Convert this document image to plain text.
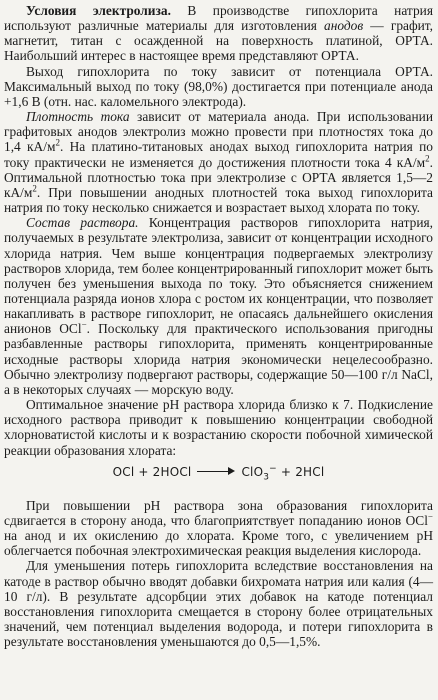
Условия электролиза. В производстве гипохлорита натрия используют различные материалы для изготовления анодов — графит, магнетит, титан с осажденной на поверхность платиной, ОРТА. Наибольший интерес в настоящее время представляют ОРТА.

Выход гипохлорита по току зависит от потенциала ОРТА. Максимальный выход по току (98,0%) достигается при потенциале анода +1,6 В (отн. нас. каломельного электрода).

Плотность тока зависит от материала анода. При использовании графитовых анодов электролиз можно провести при плотностях тока до 1,4 $кА/м^2$. На платино-титановых анодах выход гипохлорита натрия по току практически не изменяется до достижения плотности тока 4 $кА/м^2$. Оптимальной плотностью тока при электролизе с ОРТА является 1,5—2 $кА/м^2$. При повышении анодных плотностей тока выход гипохлорита натрия по току несколько снижается и возрастает выход хлората по току.

Состав раствора. Концентрация растворов гипохлорита натрия, получаемых в результате электролиза, зависит от концентрации исходного хлорида натрия. Чем выше концентрация подвергаемых электролизу растворов хлорида, тем более концентрированный гипохлорит может быть получен без уменьшения выхода по току. Это объясняется снижением потенциала разряда ионов хлора с ростом их концентрации, что позволяет накапливать в растворе гипохлорит, не опасаясь дальнейшего окисления анионов OCl−. Поскольку для практического использования пригодны разбавленные растворы гипохлорита, применять концентрированные исходные растворы хлорида натрия экономически нецелесообразно. Обычно электролизу подвергают растворы, содержащие 50—100 г/л NaCl, а в некоторых случаях — морскую воду.

Оптимальное значение pH раствора хлорида близко к 7. Подкисление исходного раствора приводит к повышению концентрации свободной хлорноватистой кислоты и к возрастанию скорости побочной химической реакции образования хлората:

OCl + 2HOCl	ClO$_3$− + 2HCl

При повышении pH раствора зона образования гипохлорита сдвигается в сторону анода, что благоприятствует попаданию ионов OCl− на анод и их окислению до хлората. Кроме того, с увеличением pH облегчается побочная электрохимическая реакция выделения кислорода.

Для уменьшения потерь гипохлорита вследствие восстановления на катоде в раствор обычно вводят добавки бихромата натрия или калия (4—10 г/л). В результате адсорбции этих добавок на катоде потенциал восстановления гипохлорита смещается в сторону более отрицательных значений, чем потенциал выделения водорода, и потери гипохлорита в результате восстановления уменьшаются до 0,5—1,5%.
